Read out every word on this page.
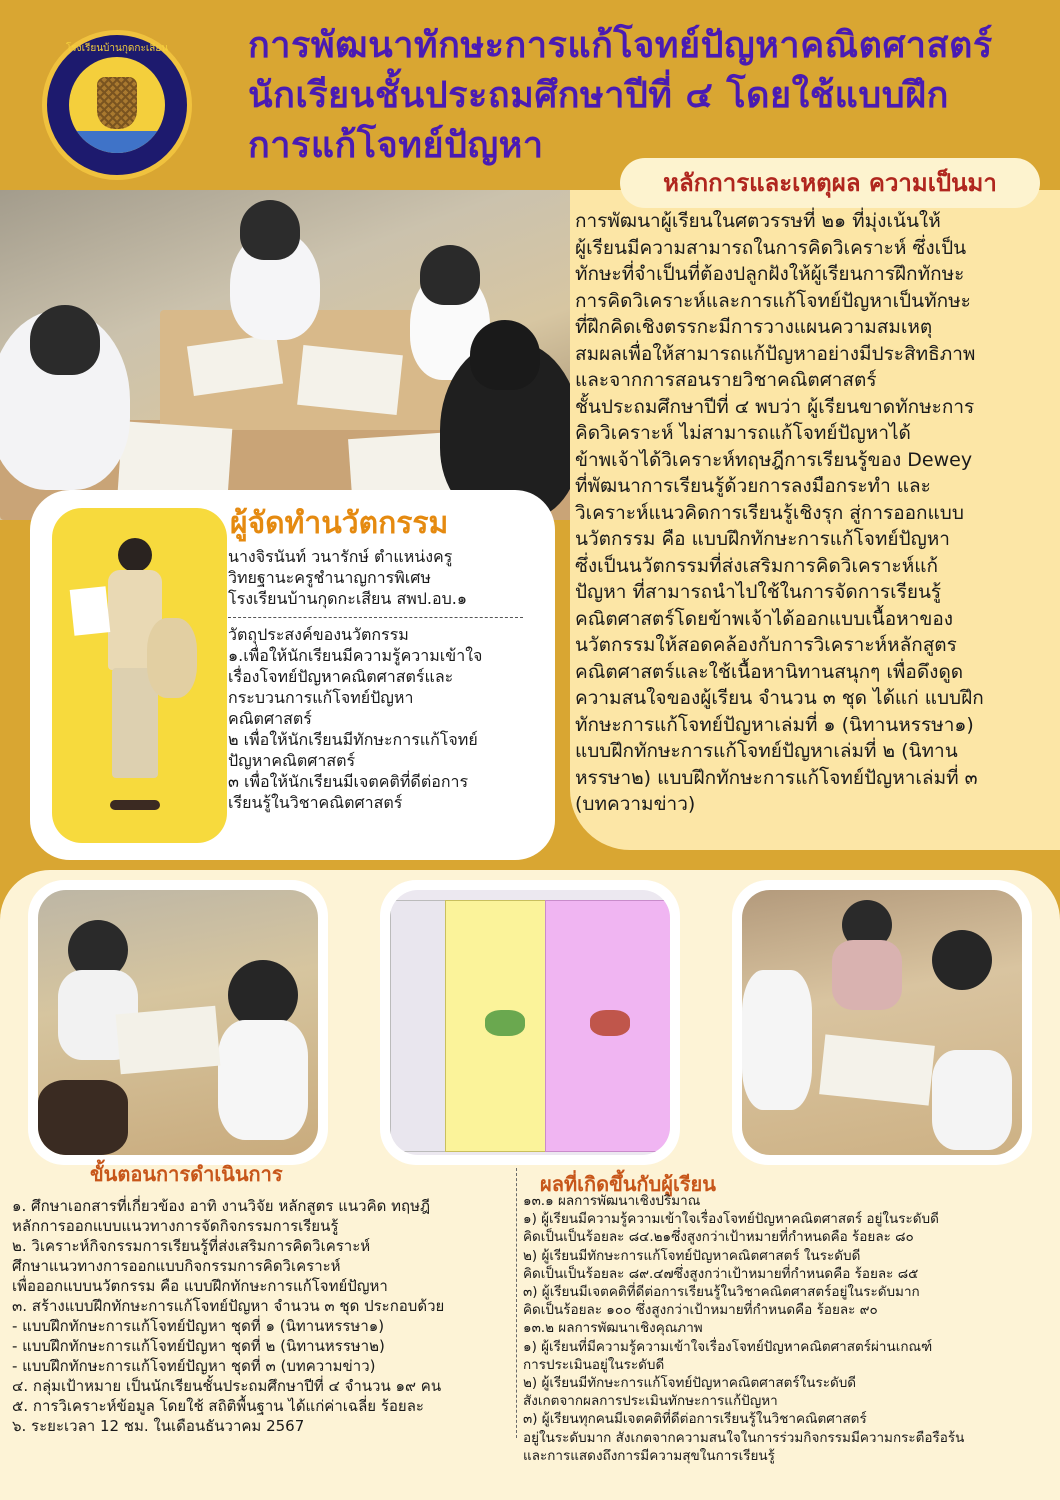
โรงเรียนบ้านกุดกะเสียน	การพัฒนาทักษะการแก้โจทย์ปัญหาคณิตศาสตร์
นักเรียนชั้นประถมศึกษาปีที่ ๔ โดยใช้แบบฝึก
การแก้โจทย์ปัญหา
หลักการและเหตุผล ความเป็นมา

การพัฒนาผู้เรียนในศตวรรษที่ ๒๑ ที่มุ่งเน้นให้

ผู้เรียนมีความสามารถในการคิดวิเคราะห์ ซึ่งเป็น

ทักษะที่จำเป็นที่ต้องปลูกฝังให้ผู้เรียนการฝึกทักษะ

การคิดวิเคราะห์และการแก้โจทย์ปัญหาเป็นทักษะ

ที่ฝึกคิดเชิงตรรกะมีการวางแผนความสมเหตุ

สมผลเพื่อให้สามารถแก้ปัญหาอย่างมีประสิทธิภาพ

และจากการสอนรายวิชาคณิตศาสตร์

ชั้นประถมศึกษาปีที่ ๔ พบว่า ผู้เรียนขาดทักษะการ

คิดวิเคราะห์ ไม่สามารถแก้โจทย์ปัญหาได้

ข้าพเจ้าได้วิเคราะห์ทฤษฎีการเรียนรู้ของ Dewey

ที่พัฒนาการเรียนรู้ด้วยการลงมือกระทำ และ

วิเคราะห์แนวคิดการเรียนรู้เชิงรุก สู่การออกแบบ

นวัตกรรม คือ แบบฝึกทักษะการแก้โจทย์ปัญหา

ซึ่งเป็นนวัตกรรมที่ส่งเสริมการคิดวิเคราะห์แก้

ปัญหา ที่สามารถนำไปใช้ในการจัดการเรียนรู้

คณิตศาสตร์โดยข้าพเจ้าได้ออกแบบเนื้อหาของ

นวัตกรรมให้สอดคล้องกับการวิเคราะห์หลักสูตร

คณิตศาสตร์และใช้เนื้อหานิทานสนุกๆ เพื่อดึงดูด

ความสนใจของผู้เรียน จำนวน ๓ ชุด ได้แก่ แบบฝึก

ทักษะการแก้โจทย์ปัญหาเล่มที่ ๑ (นิทานหรรษา๑)

แบบฝึกทักษะการแก้โจทย์ปัญหาเล่มที่ ๒ (นิทาน

หรรษา๒) แบบฝึกทักษะการแก้โจทย์ปัญหาเล่มที่ ๓

(บทความข่าว)

ผู้จัดทำนวัตกรรม

นางจิรนันท์ วนารักษ์ ตำแหน่งครู

วิทยฐานะครูชำนาญการพิเศษ

โรงเรียนบ้านกุดกะเสียน สพป.อบ.๑

วัตถุประสงค์ของนวัตกรรม

๑.เพื่อให้นักเรียนมีความรู้ความเข้าใจ

เรื่องโจทย์ปัญหาคณิตศาสตร์และ

กระบวนการแก้โจทย์ปัญหา

คณิตศาสตร์

๒ เพื่อให้นักเรียนมีทักษะการแก้โจทย์

ปัญหาคณิตศาสตร์

๓ เพื่อให้นักเรียนมีเจตคติที่ดีต่อการ

เรียนรู้ในวิชาคณิตศาสตร์

ขั้นตอนการดำเนินการ

๑. ศึกษาเอกสารที่เกี่ยวข้อง อาทิ งานวิจัย หลักสูตร แนวคิด ทฤษฎี

หลักการออกแบบแนวทางการจัดกิจกรรมการเรียนรู้

๒. วิเคราะห์กิจกรรมการเรียนรู้ที่ส่งเสริมการคิดวิเคราะห์

ศึกษาแนวทางการออกแบบกิจกรรมการคิดวิเคราะห์

เพื่อออกแบบนวัตกรรม คือ แบบฝึกทักษะการแก้โจทย์ปัญหา

๓. สร้างแบบฝึกทักษะการแก้โจทย์ปัญหา จำนวน ๓ ชุด ประกอบด้วย

- แบบฝึกทักษะการแก้โจทย์ปัญหา ชุดที่ ๑ (นิทานหรรษา๑)

- แบบฝึกทักษะการแก้โจทย์ปัญหา ชุดที่ ๒ (นิทานหรรษา๒)

- แบบฝึกทักษะการแก้โจทย์ปัญหา ชุดที่ ๓ (บทความข่าว)

๔. กลุ่มเป้าหมาย เป็นนักเรียนชั้นประถมศึกษาปีที่ ๔ จำนวน ๑๙ คน

๕. การวิเคราะห์ข้อมูล โดยใช้ สถิติพื้นฐาน ได้แก่ค่าเฉลี่ย ร้อยละ

๖. ระยะเวลา 12 ชม. ในเดือนธันวาคม 2567

ผลที่เกิดขึ้นกับผู้เรียน

๑๓.๑ ผลการพัฒนาเชิงปริมาณ

๑) ผู้เรียนมีความรู้ความเข้าใจเรื่องโจทย์ปัญหาคณิตศาสตร์ อยู่ในระดับดี

คิดเป็นเป็นร้อยละ ๘๔.๒๑ซึ่งสูงกว่าเป้าหมายที่กำหนดคือ ร้อยละ ๘๐

๒) ผู้เรียนมีทักษะการแก้โจทย์ปัญหาคณิตศาสตร์ ในระดับดี

คิดเป็นเป็นร้อยละ ๘๙.๔๗ซึ่งสูงกว่าเป้าหมายที่กำหนดคือ ร้อยละ ๘๕

๓) ผู้เรียนมีเจตคติที่ดีต่อการเรียนรู้ในวิชาคณิตศาสตร์อยู่ในระดับมาก

คิดเป็นร้อยละ ๑๐๐ ซึ่งสูงกว่าเป้าหมายที่กำหนดคือ ร้อยละ ๙๐

๑๓.๒ ผลการพัฒนาเชิงคุณภาพ

๑) ผู้เรียนที่มีความรู้ความเข้าใจเรื่องโจทย์ปัญหาคณิตศาสตร์ผ่านเกณฑ์

การประเมินอยู่ในระดับดี

๒) ผู้เรียนมีทักษะการแก้โจทย์ปัญหาคณิตศาสตร์ในระดับดี

สังเกตจากผลการประเมินทักษะการแก้ปัญหา

๓) ผู้เรียนทุกคนมีเจตคติที่ดีต่อการเรียนรู้ในวิชาคณิตศาสตร์

อยู่ในระดับมาก สังเกตจากความสนใจในการร่วมกิจกรรมมีความกระตือรือร้น

และการแสดงถึงการมีความสุขในการเรียนรู้
